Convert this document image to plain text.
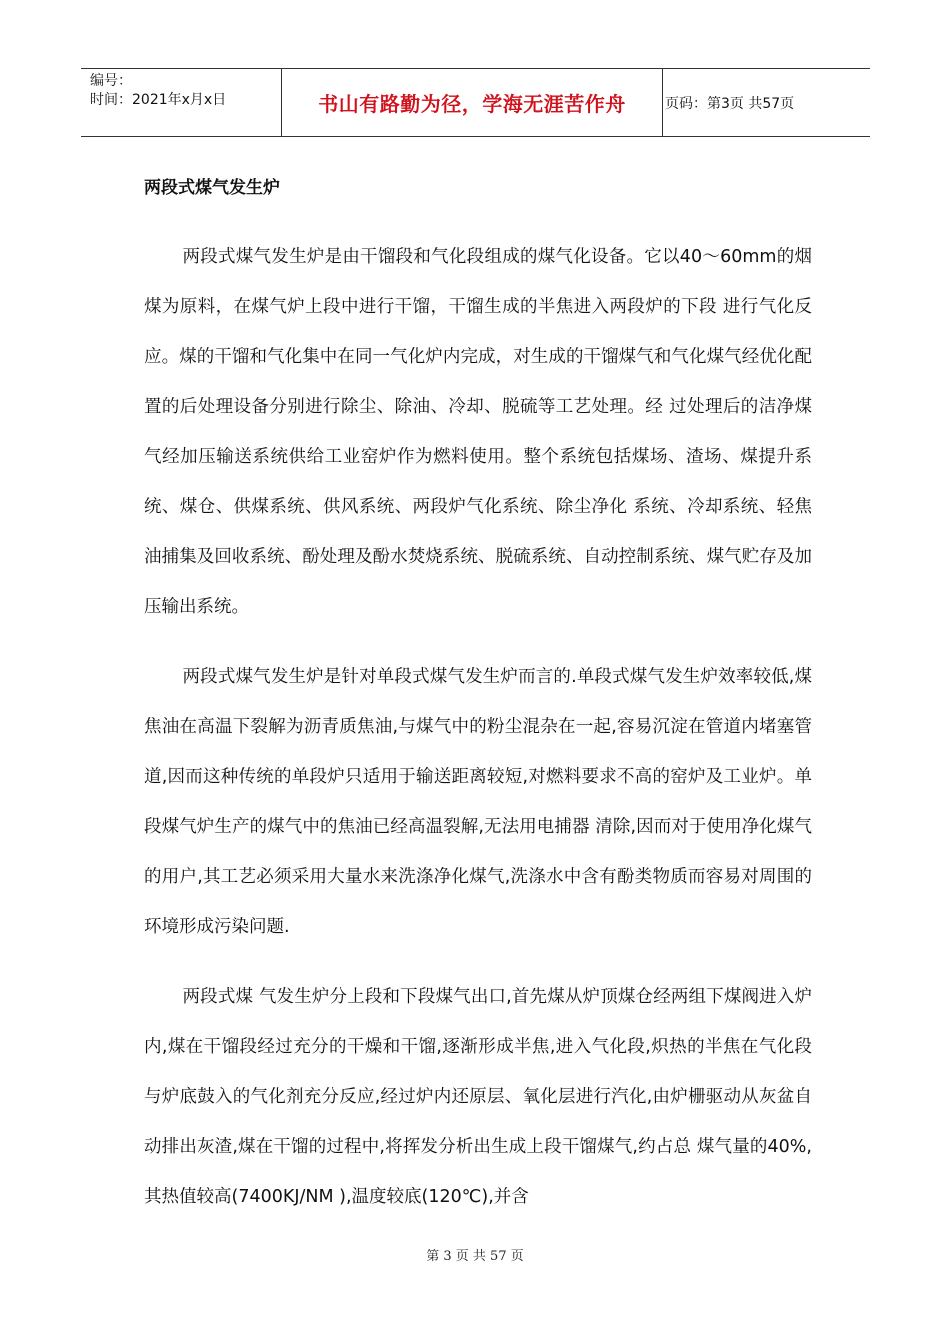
编号：
时间：2021年x月x日	书山有路勤为径，学海无涯苦作舟	页码：第3页 共57页
两段式煤气发生炉

两段式煤气发生炉是由干馏段和气化段组成的煤气化设备。它以40～60mm的烟煤为原料，在煤气炉上段中进行干馏，干馏生成的半焦进入两段炉的下段 进行气化反应。煤的干馏和气化集中在同一气化炉内完成，对生成的干馏煤气和气化煤气经优化配置的后处理设备分别进行除尘、除油、冷却、脱硫等工艺处理。经 过处理后的洁净煤气经加压输送系统供给工业窑炉作为燃料使用。整个系统包括煤场、渣场、煤提升系统、煤仓、供煤系统、供风系统、两段炉气化系统、除尘净化 系统、冷却系统、轻焦油捕集及回收系统、酚处理及酚水焚烧系统、脱硫系统、自动控制系统、煤气贮存及加压输出系统。

两段式煤气发生炉是针对单段式煤气发生炉而言的.单段式煤气发生炉效率较低,煤焦油在高温下裂解为沥青质焦油,与煤气中的粉尘混杂在一起,容易沉淀在管道内堵塞管道,因而这种传统的单段炉只适用于输送距离较短,对燃料要求不高的窑炉及工业炉。单段煤气炉生产的煤气中的焦油已经高温裂解,无法用电捕器 清除,因而对于使用净化煤气的用户,其工艺必须采用大量水来洗涤净化煤气,洗涤水中含有酚类物质而容易对周围的环境形成污染问题.

两段式煤 气发生炉分上段和下段煤气出口,首先煤从炉顶煤仓经两组下煤阀进入炉内,煤在干馏段经过充分的干燥和干馏,逐渐形成半焦,进入气化段,炽热的半焦在气化段 与炉底鼓入的气化剂充分反应,经过炉内还原层、氧化层进行汽化,由炉栅驱动从灰盆自动排出灰渣,煤在干馏的过程中,将挥发分析出生成上段干馏煤气,约占总 煤气量的40%,其热值较高(7400KJ/NM ),温度较底(120℃),并含

第 3 页 共 57 页
